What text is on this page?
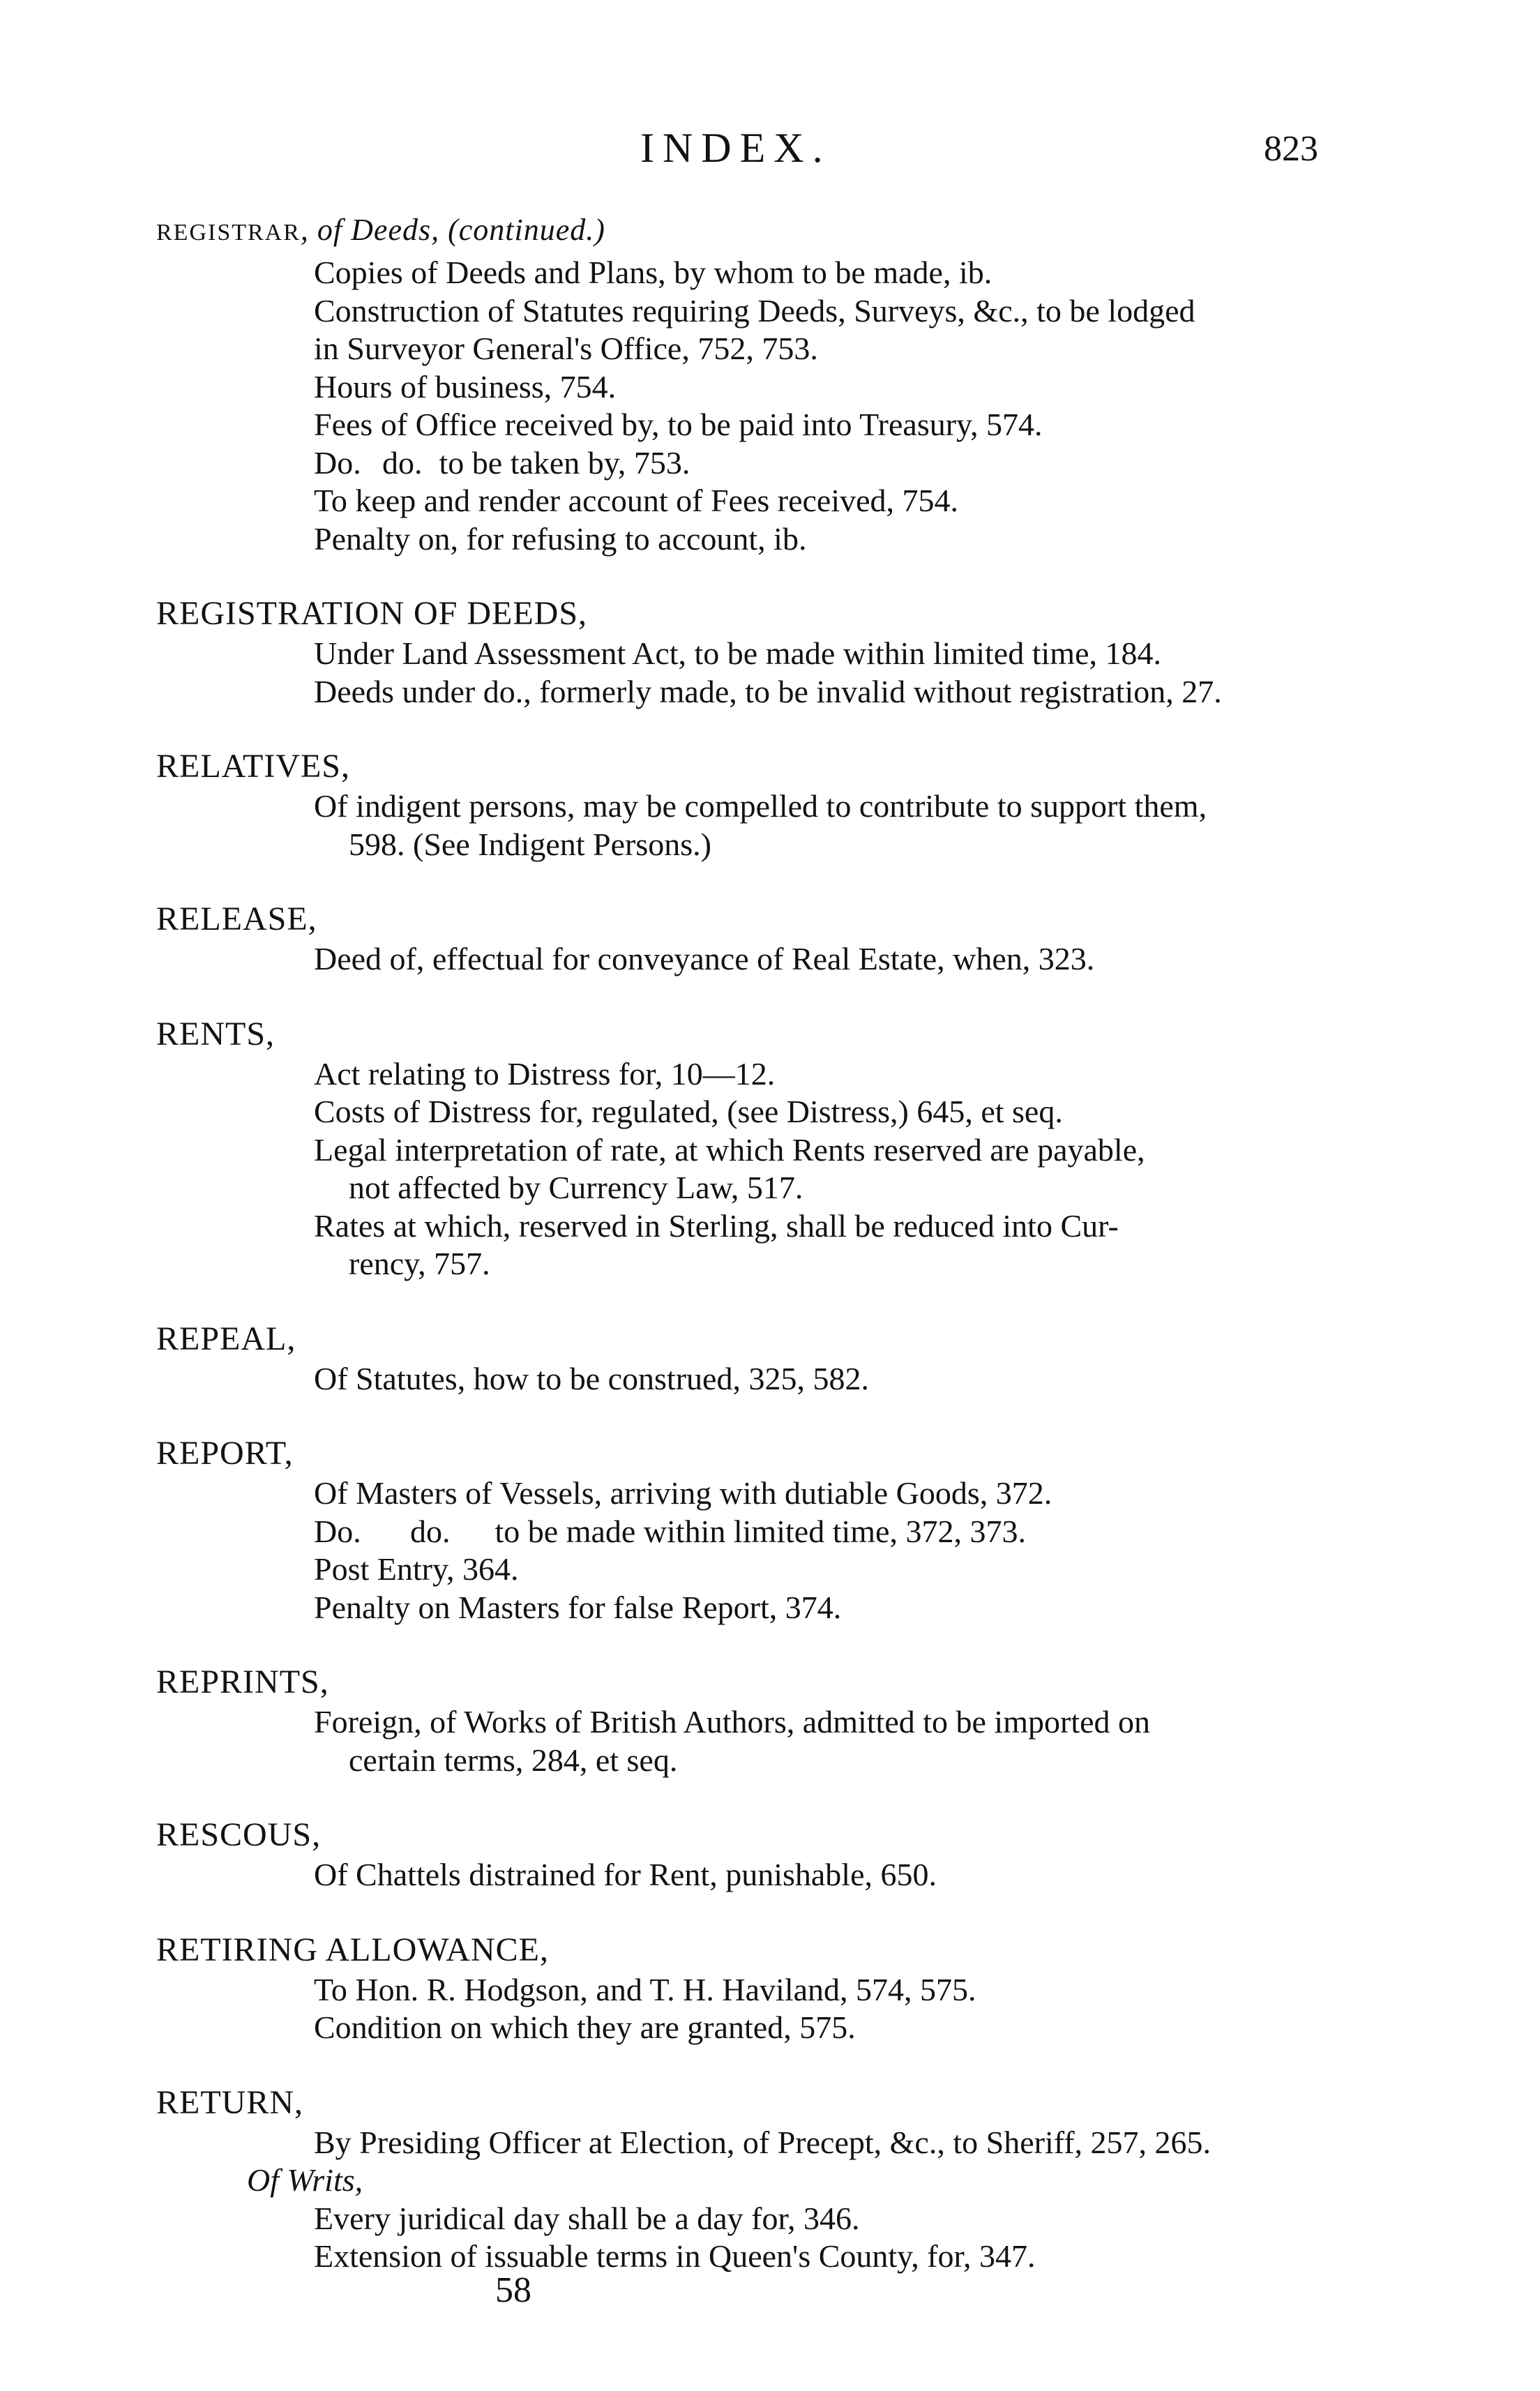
INDEX.	823
REGISTRAR, of Deeds, (continued.)
Copies of Deeds and Plans, by whom to be made, ib.
Construction of Statutes requiring Deeds, Surveys, &c., to be lodged
in Surveyor General's Office, 752, 753.
Hours of business, 754.
Fees of Office received by, to be paid into Treasury, 574.
Do. do. to be taken by, 753.
To keep and render account of Fees received, 754.
Penalty on, for refusing to account, ib.
REGISTRATION OF DEEDS,
Under Land Assessment Act, to be made within limited time, 184.
Deeds under do., formerly made, to be invalid without registration, 27.
RELATIVES,
Of indigent persons, may be compelled to contribute to support them,
598. (See Indigent Persons.)
RELEASE,
Deed of, effectual for conveyance of Real Estate, when, 323.
RENTS,
Act relating to Distress for, 10—12.
Costs of Distress for, regulated, (see Distress,) 645, et seq.
Legal interpretation of rate, at which Rents reserved are payable,
not affected by Currency Law, 517.
Rates at which, reserved in Sterling, shall be reduced into Cur-
rency, 757.
REPEAL,
Of Statutes, how to be construed, 325, 582.
REPORT,
Of Masters of Vessels, arriving with dutiable Goods, 372.
Do. do. to be made within limited time, 372, 373.
Post Entry, 364.
Penalty on Masters for false Report, 374.
REPRINTS,
Foreign, of Works of British Authors, admitted to be imported on
certain terms, 284, et seq.
RESCOUS,
Of Chattels distrained for Rent, punishable, 650.
RETIRING ALLOWANCE,
To Hon. R. Hodgson, and T. H. Haviland, 574, 575.
Condition on which they are granted, 575.
RETURN,
By Presiding Officer at Election, of Precept, &c., to Sheriff, 257, 265.
Of Writs,
Every juridical day shall be a day for, 346.
Extension of issuable terms in Queen's County, for, 347.
58
